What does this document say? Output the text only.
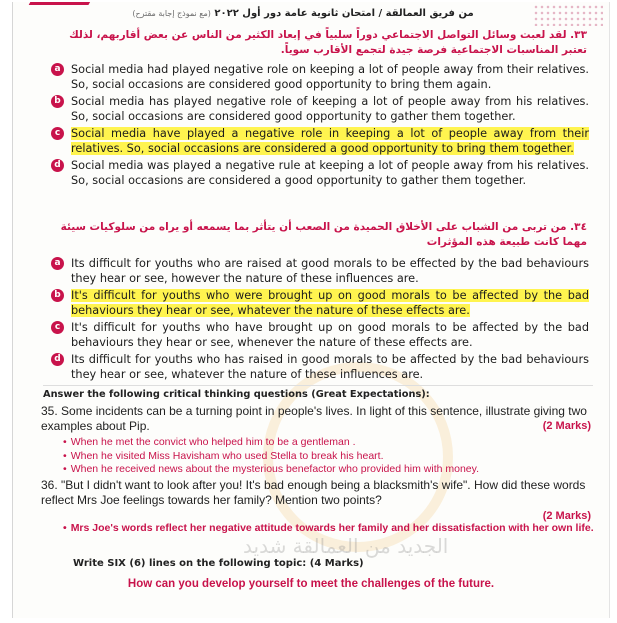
الجديد من العمالقة شديد
من فريق العمالقة / امتحان ثانوية عامة دور أول ٢٠٢٢ (مع نموذج إجابة مقترح)
٣٣. لقد لعبت وسائل التواصل الاجتماعي دوراً سلبياً في إبعاد الكثير من الناس عن بعض أقاربهم، لذلك تعتبر المناسبات الاجتماعية فرصة جيدة لتجمع الأقارب سوياً.
a Social media had played negative role on keeping a lot of people away from their relatives. So, social occasions are considered good opportunity to bring them again.
b Social media has played negative role of keeping a lot of people away from his relatives. So, social occasions are considered good opportunity to gather them together.
c Social media have played a negative role in keeping a lot of people away from their relatives. So, social occasions are considered a good opportunity to bring them together.
d Social media was played a negative rule at keeping a lot of people away from his relatives. So, social occasions are considered a good opportunity to gather them together.
٣٤. من تربى من الشباب على الأخلاق الحميدة من الصعب أن يتأثر بما يسمعه أو يراه من سلوكيات سيئة مهما كانت طبيعة هذه المؤثرات
a Its difficult for youths who are raised at good morals to be effected by the bad behaviours they hear or see, however the nature of these influences are.
b It's difficult for youths who were brought up on good morals to be affected by the bad behaviours they hear or see, whatever the nature of these effects are.
c It's difficult for youths who have brought up on good morals to be affected by the bad behaviours they hear or see, whenever the nature of these effects are.
d Its difficult for youths who has raised in good morals to be affected by the bad behaviours they hear or see, whatever the nature of these influences are.
Answer the following critical thinking questions (Great Expectations):
35. Some incidents can be a turning point in people's lives. In light of this sentence, illustrate giving two examples about Pip.	(2 Marks)
• When he met the convict who helped him to be a gentleman .
• When he visited Miss Havisham who used Stella to break his heart.
• When he received news about the mysterious benefactor who provided him with money.
36. "But I didn't want to look after you! It's bad enough being a blacksmith's wife". How did these words reflect Mrs Joe feelings towards her family? Mention two points?
(2 Marks)
• Mrs Joe's words reflect her negative attitude towards her family and her dissatisfaction with her own life.
Write SIX (6) lines on the following topic: (4 Marks)
How can you develop yourself to meet the challenges of the future.
